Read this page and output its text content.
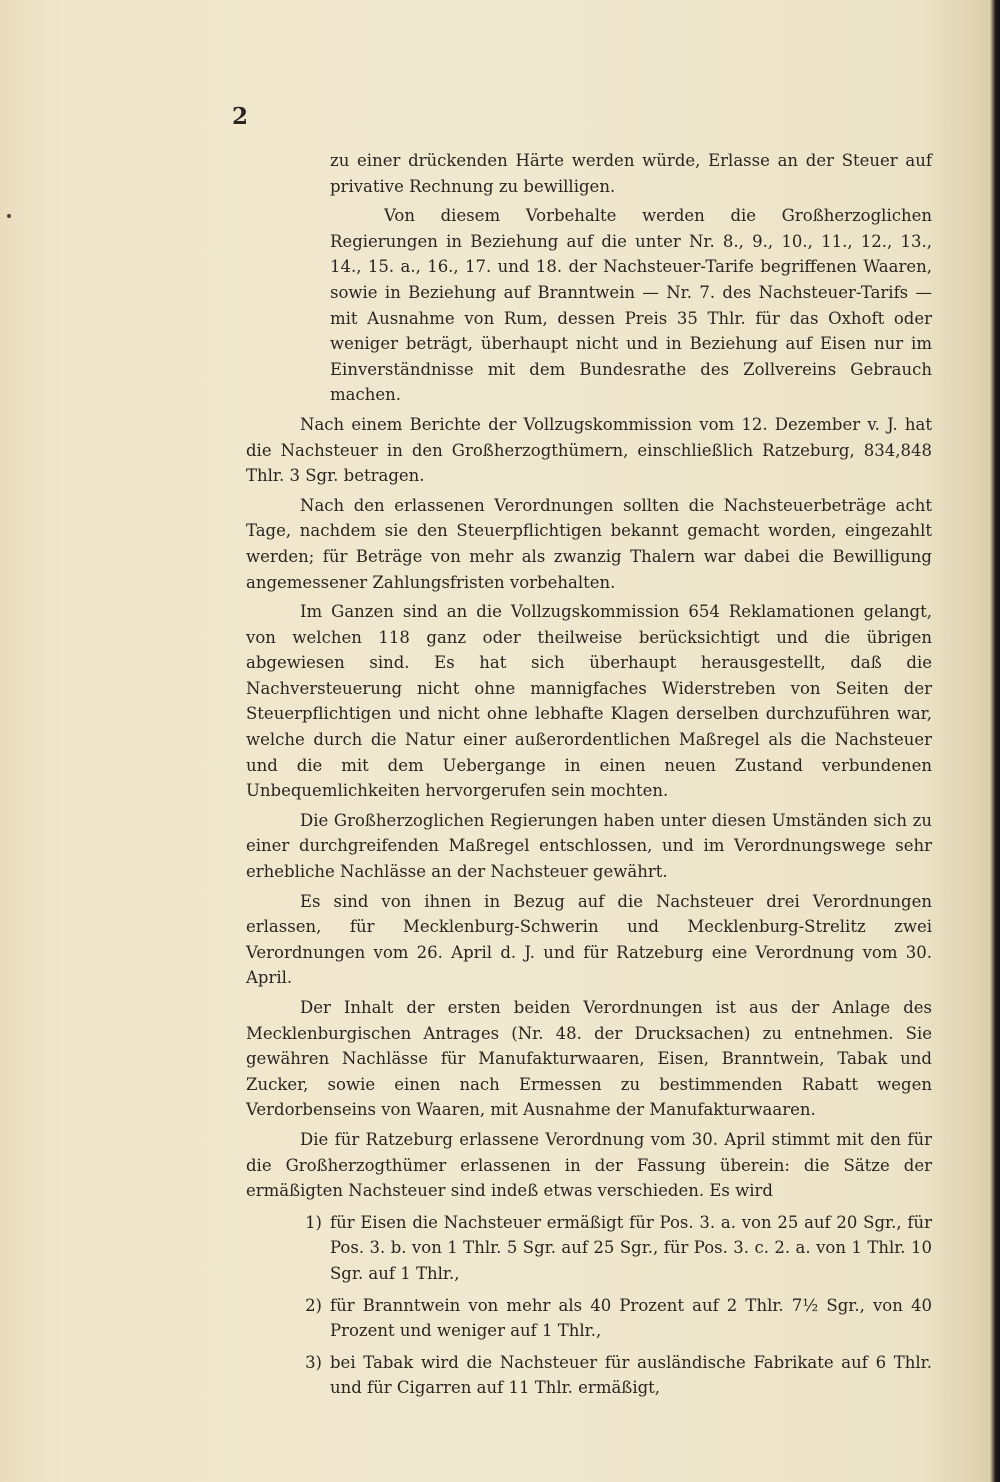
2

zu einer drückenden Härte werden würde, Erlasse an der Steuer auf privative Rechnung zu bewilligen.

Von diesem Vorbehalte werden die Großherzoglichen Regierungen in Beziehung auf die unter Nr. 8., 9., 10., 11., 12., 13., 14., 15. a., 16., 17. und 18. der Nachsteuer-Tarife begriffenen Waaren, sowie in Beziehung auf Branntwein — Nr. 7. des Nachsteuer-Tarifs — mit Ausnahme von Rum, dessen Preis 35 Thlr. für das Oxhoft oder weniger beträgt, überhaupt nicht und in Beziehung auf Eisen nur im Einverständnisse mit dem Bundesrathe des Zollvereins Gebrauch machen.

Nach einem Berichte der Vollzugskommission vom 12. Dezember v. J. hat die Nachsteuer in den Großherzogthümern, einschließlich Ratzeburg, 834,848 Thlr. 3 Sgr. betragen.

Nach den erlassenen Verordnungen sollten die Nachsteuerbeträge acht Tage, nachdem sie den Steuerpflichtigen bekannt gemacht worden, eingezahlt werden; für Beträge von mehr als zwanzig Thalern war dabei die Bewilligung angemessener Zahlungsfristen vorbehalten.

Im Ganzen sind an die Vollzugskommission 654 Reklamationen gelangt, von welchen 118 ganz oder theilweise berücksichtigt und die übrigen abgewiesen sind. Es hat sich überhaupt herausgestellt, daß die Nachversteuerung nicht ohne mannigfaches Widerstreben von Seiten der Steuerpflichtigen und nicht ohne lebhafte Klagen derselben durchzuführen war, welche durch die Natur einer außerordentlichen Maßregel als die Nachsteuer und die mit dem Uebergange in einen neuen Zustand verbundenen Unbequemlichkeiten hervorgerufen sein mochten.

Die Großherzoglichen Regierungen haben unter diesen Umständen sich zu einer durchgreifenden Maßregel entschlossen, und im Verordnungswege sehr erhebliche Nachlässe an der Nachsteuer gewährt.

Es sind von ihnen in Bezug auf die Nachsteuer drei Verordnungen erlassen, für Mecklenburg-Schwerin und Mecklenburg-Strelitz zwei Verordnungen vom 26. April d. J. und für Ratzeburg eine Verordnung vom 30. April.

Der Inhalt der ersten beiden Verordnungen ist aus der Anlage des Mecklenburgischen Antrages (Nr. 48. der Drucksachen) zu entnehmen. Sie gewähren Nachlässe für Manufakturwaaren, Eisen, Branntwein, Tabak und Zucker, sowie einen nach Ermessen zu bestimmenden Rabatt wegen Verdorbenseins von Waaren, mit Ausnahme der Manufakturwaaren.

Die für Ratzeburg erlassene Verordnung vom 30. April stimmt mit den für die Großherzogthümer erlassenen in der Fassung überein: die Sätze der ermäßigten Nachsteuer sind indeß etwas verschieden. Es wird

1) für Eisen die Nachsteuer ermäßigt für Pos. 3. a. von 25 auf 20 Sgr., für Pos. 3. b. von 1 Thlr. 5 Sgr. auf 25 Sgr., für Pos. 3. c. 2. a. von 1 Thlr. 10 Sgr. auf 1 Thlr.,
2) für Branntwein von mehr als 40 Prozent auf 2 Thlr. 7½ Sgr., von 40 Prozent und weniger auf 1 Thlr.,
3) bei Tabak wird die Nachsteuer für ausländische Fabrikate auf 6 Thlr. und für Cigarren auf 11 Thlr. ermäßigt,
